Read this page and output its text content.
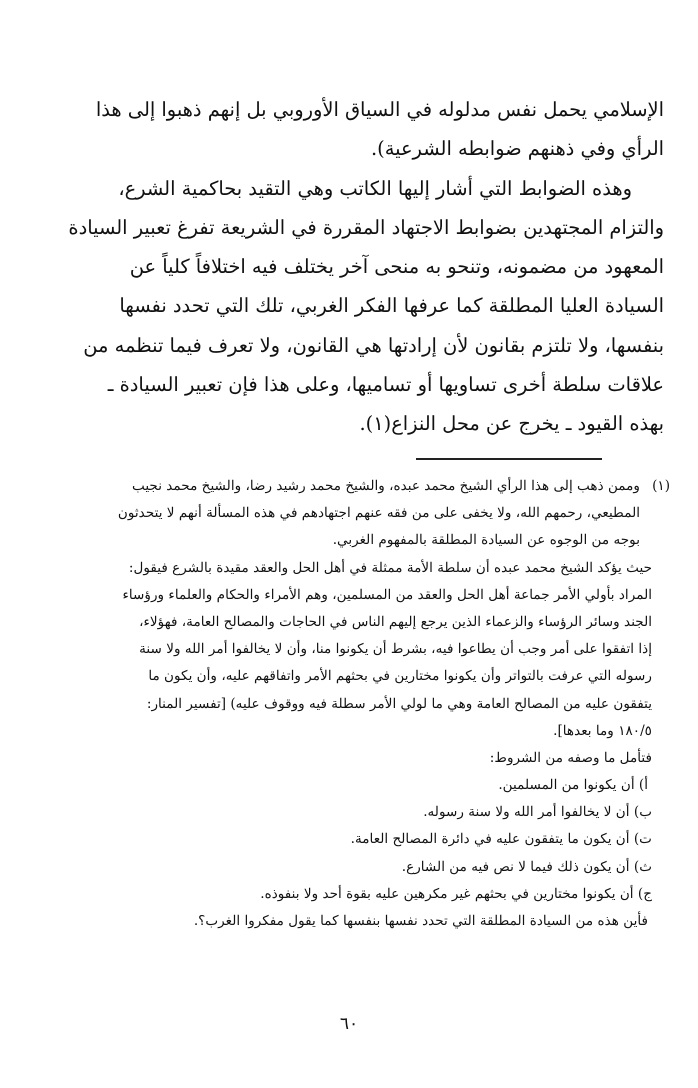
الإسلامي يحمل نفس مدلوله في السياق الأوروبي بل إنهم ذهبوا إلى هذا
الرأي وفي ذهنهم ضوابطه الشرعية).
وهذه الضوابط التي أشار إليها الكاتب وهي التقيد بحاكمية الشرع،
والتزام المجتهدين بضوابط الاجتهاد المقررة في الشريعة تفرغ تعبير السيادة
المعهود من مضمونه، وتنحو به منحى آخر يختلف فيه اختلافاً كلياً عن
السيادة العليا المطلقة كما عرفها الفكر الغربي، تلك التي تحدد نفسها
بنفسها، ولا تلتزم بقانون لأن إرادتها هي القانون، ولا تعرف فيما تنظمه من
علاقات سلطة أخرى تساويها أو تساميها، وعلى هذا فإن تعبير السيادة ـ
بهذه القيود ـ يخرج عن محل النزاع(١).
(١)وممن ذهب إلى هذا الرأي الشيخ محمد عبده، والشيخ محمد رشيد رضا، والشيخ محمد نجيب
المطيعي، رحمهم الله، ولا يخفى على من فقه عنهم اجتهادهم في هذه المسألة أنهم لا يتحدثون
بوجه من الوجوه عن السيادة المطلقة بالمفهوم الغربي.
حيث يؤكد الشيخ محمد عبده أن سلطة الأمة ممثلة في أهل الحل والعقد مقيدة بالشرع فيقول:
المراد بأولي الأمر جماعة أهل الحل والعقد من المسلمين، وهم الأمراء والحكام والعلماء ورؤساء
الجند وسائر الرؤساء والزعماء الذين يرجع إليهم الناس في الحاجات والمصالح العامة، فهؤلاء،
إذا اتفقوا على أمر وجب أن يطاعوا فيه، بشرط أن يكونوا منا، وأن لا يخالفوا أمر الله ولا سنة
رسوله التي عرفت بالتواتر وأن يكونوا مختارين في بحثهم الأمر واتفاقهم عليه، وأن يكون ما
يتفقون عليه من المصالح العامة وهي ما لولي الأمر سطلة فيه ووقوف عليه) [تفسير المنار:
١٨٠/٥ وما بعدها].
فتأمل ما وصفه من الشروط:
أ) أن يكونوا من المسلمين.
ب) أن لا يخالفوا أمر الله ولا سنة رسوله.
ت) أن يكون ما يتفقون عليه في دائرة المصالح العامة.
ث) أن يكون ذلك فيما لا نص فيه من الشارع.
ج) أن يكونوا مختارين في بحثهم غير مكرهين عليه بقوة أحد ولا بنفوذه.
فأين هذه من السيادة المطلقة التي تحدد نفسها بنفسها كما يقول مفكروا الغرب؟.
٦٠
